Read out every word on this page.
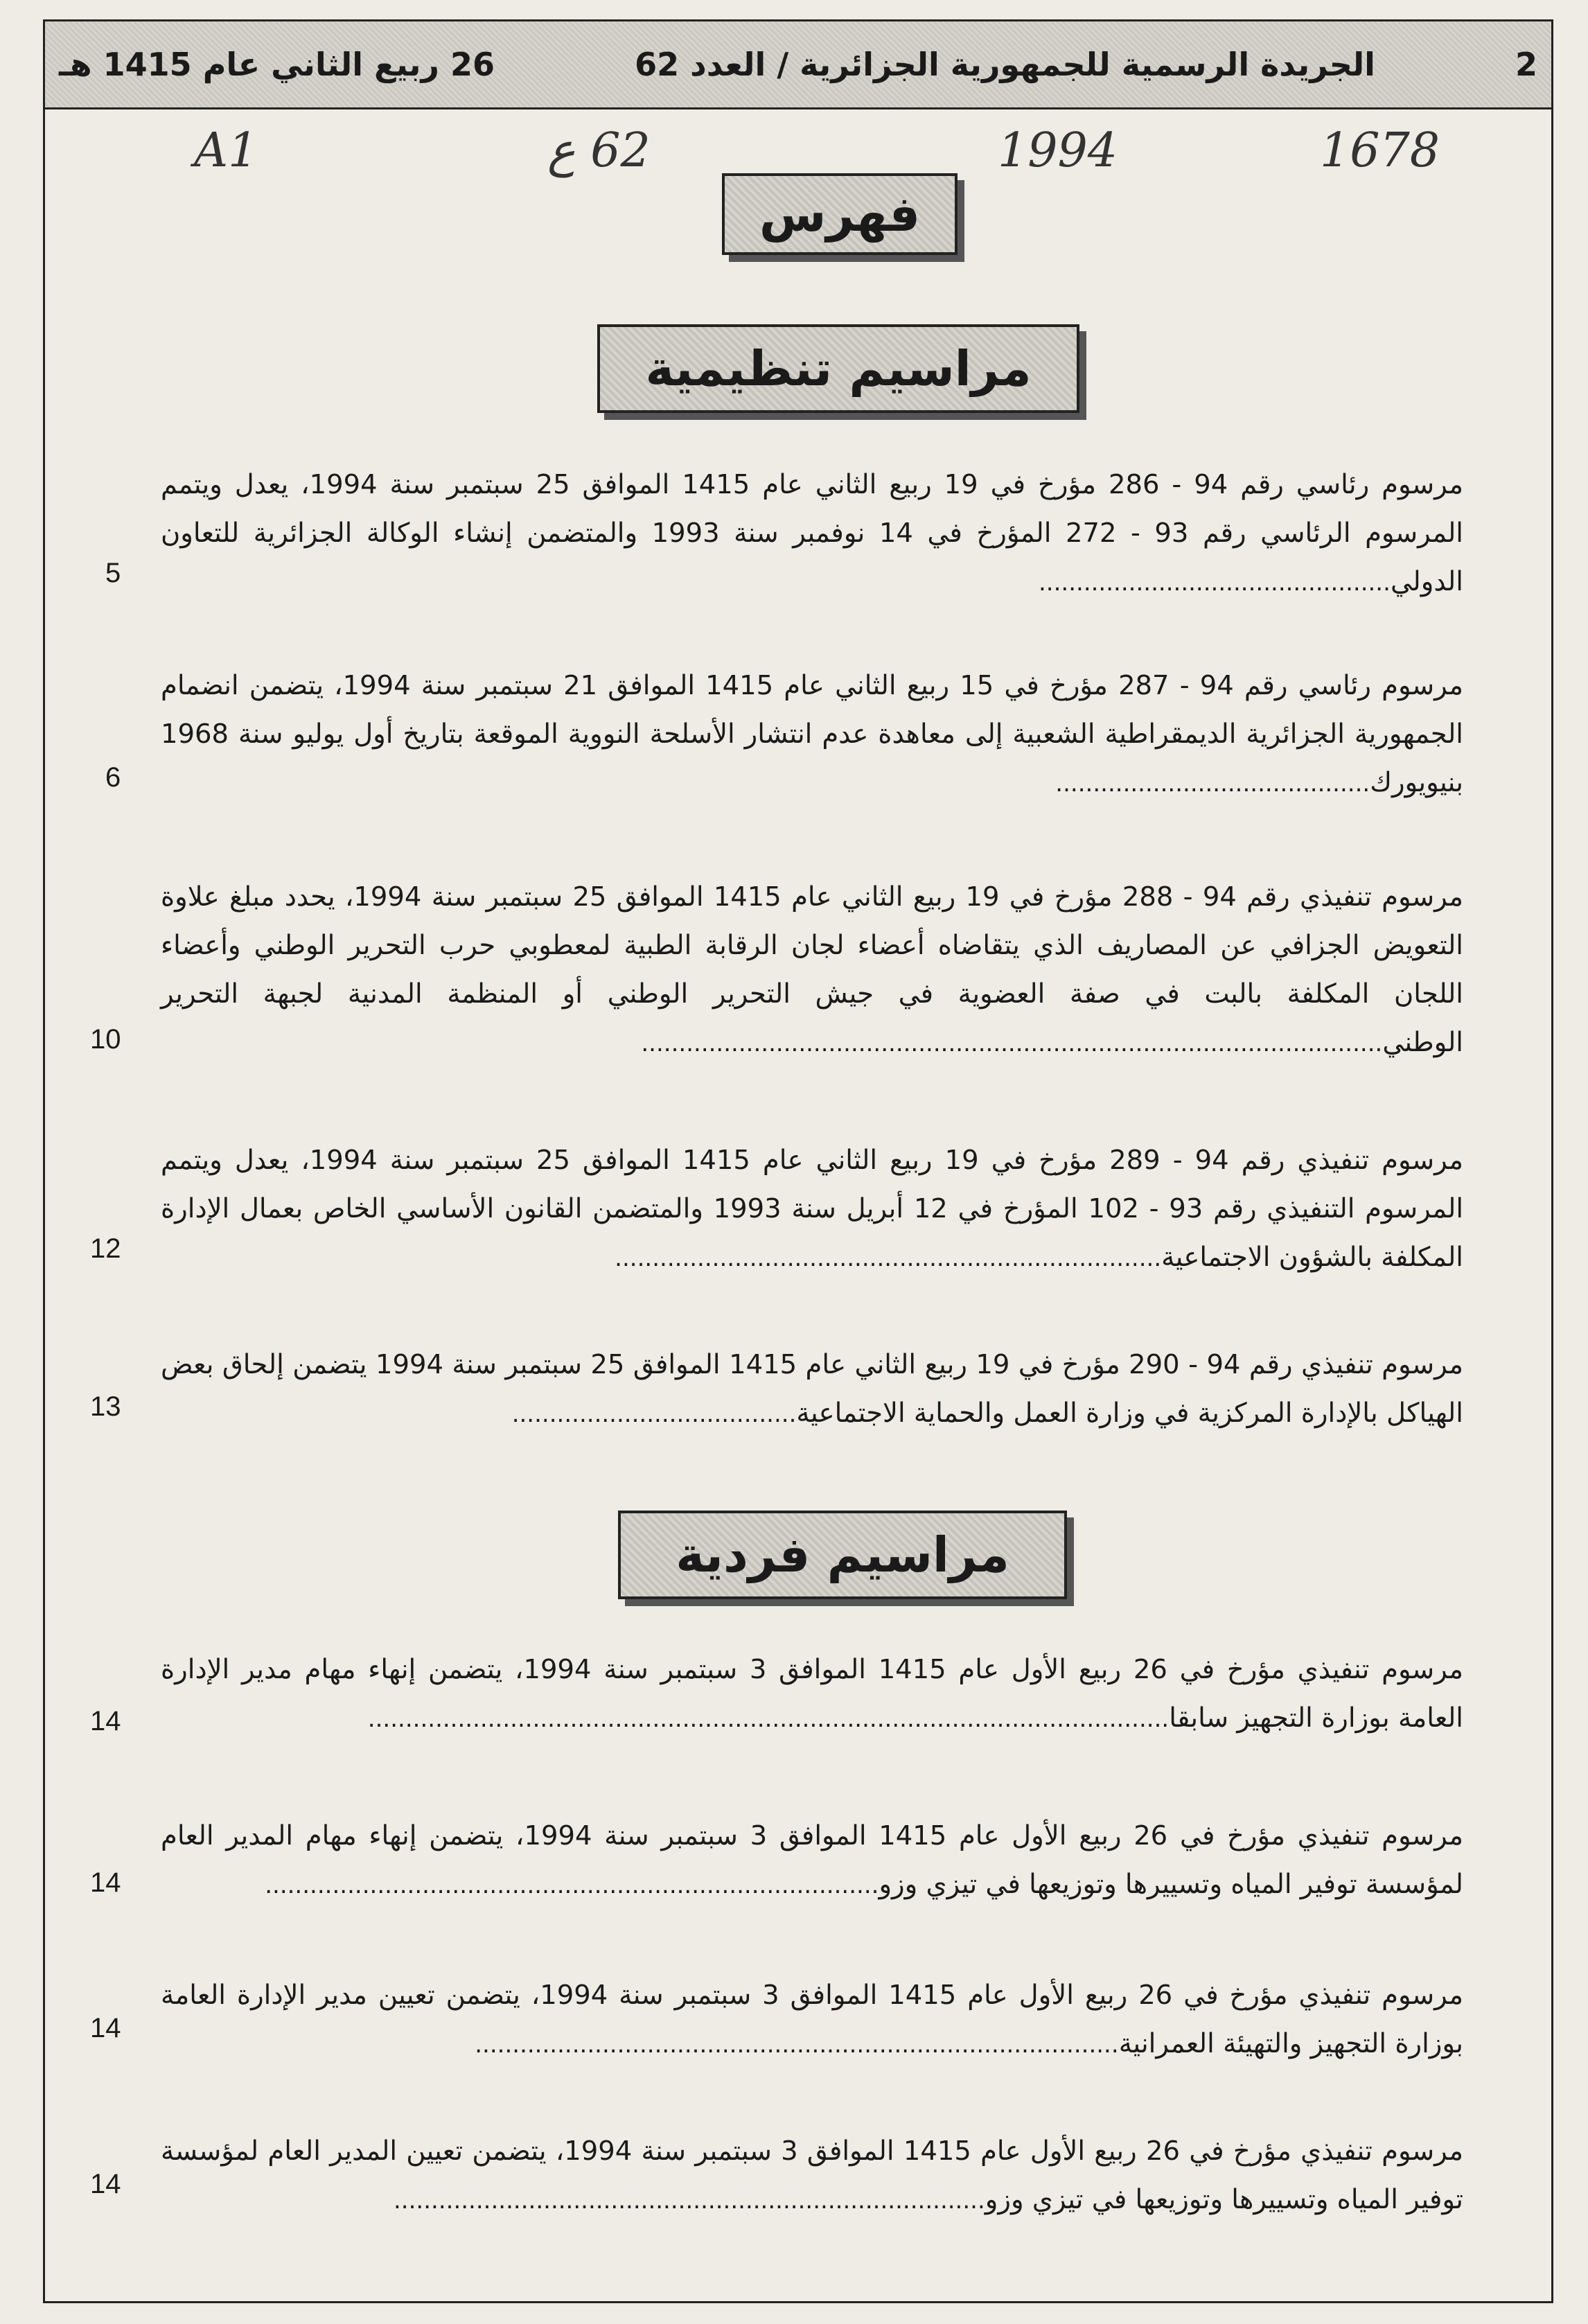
2
الجريدة الرسمية للجمهورية الجزائرية / العدد 62
26 ربيع الثاني عام 1415 هـ
1678
1994
62 ع
A1
فهرس
مراسيم تنظيمية

مرسوم رئاسي رقم 94 - 286 مؤرخ في 19 ربيع الثاني عام 1415 الموافق 25 سبتمبر سنة 1994، يعدل ويتمم المرسوم الرئاسي رقم 93 - 272 المؤرخ في 14 نوفمبر سنة 1993 والمتضمن إنشاء الوكالة الجزائرية للتعاون الدولي...............................................

5

مرسوم رئاسي رقم 94 - 287 مؤرخ في 15 ربيع الثاني عام 1415 الموافق 21 سبتمبر سنة 1994، يتضمن انضمام الجمهورية الجزائرية الديمقراطية الشعبية إلى معاهدة عدم انتشار الأسلحة النووية الموقعة بتاريخ أول يوليو سنة 1968 بنيويورك..........................................

6

مرسوم تنفيذي رقم 94 - 288 مؤرخ في 19 ربيع الثاني عام 1415 الموافق 25 سبتمبر سنة 1994، يحدد مبلغ علاوة التعويض الجزافي عن المصاريف الذي يتقاضاه أعضاء لجان الرقابة الطبية لمعطوبي حرب التحرير الوطني وأعضاء اللجان المكلفة بالبت في صفة العضوية في جيش التحرير الوطني أو المنظمة المدنية لجبهة التحرير الوطني...................................................................................................

10

مرسوم تنفيذي رقم 94 - 289 مؤرخ في 19 ربيع الثاني عام 1415 الموافق 25 سبتمبر سنة 1994، يعدل ويتمم المرسوم التنفيذي رقم 93 - 102 المؤرخ في 12 أبريل سنة 1993 والمتضمن القانون الأساسي الخاص بعمال الإدارة المكلفة بالشؤون الاجتماعية.........................................................................

12

مرسوم تنفيذي رقم 94 - 290 مؤرخ في 19 ربيع الثاني عام 1415 الموافق 25 سبتمبر سنة 1994 يتضمن إلحاق بعض الهياكل بالإدارة المركزية في وزارة العمل والحماية الاجتماعية......................................

13
مراسيم فردية

مرسوم تنفيذي مؤرخ في 26 ربيع الأول عام 1415 الموافق 3 سبتمبر سنة 1994، يتضمن إنهاء مهام مدير الإدارة العامة بوزارة التجهيز سابقا...........................................................................................................

14

مرسوم تنفيذي مؤرخ في 26 ربيع الأول عام 1415 الموافق 3 سبتمبر سنة 1994، يتضمن إنهاء مهام المدير العام لمؤسسة توفير المياه وتسييرها وتوزيعها في تيزي وزو..................................................................................

14

مرسوم تنفيذي مؤرخ في 26 ربيع الأول عام 1415 الموافق 3 سبتمبر سنة 1994، يتضمن تعيين مدير الإدارة العامة بوزارة التجهيز والتهيئة العمرانية......................................................................................

14

مرسوم تنفيذي مؤرخ في 26 ربيع الأول عام 1415 الموافق 3 سبتمبر سنة 1994، يتضمن تعيين المدير العام لمؤسسة توفير المياه وتسييرها وتوزيعها في تيزي وزو...............................................................................

14
